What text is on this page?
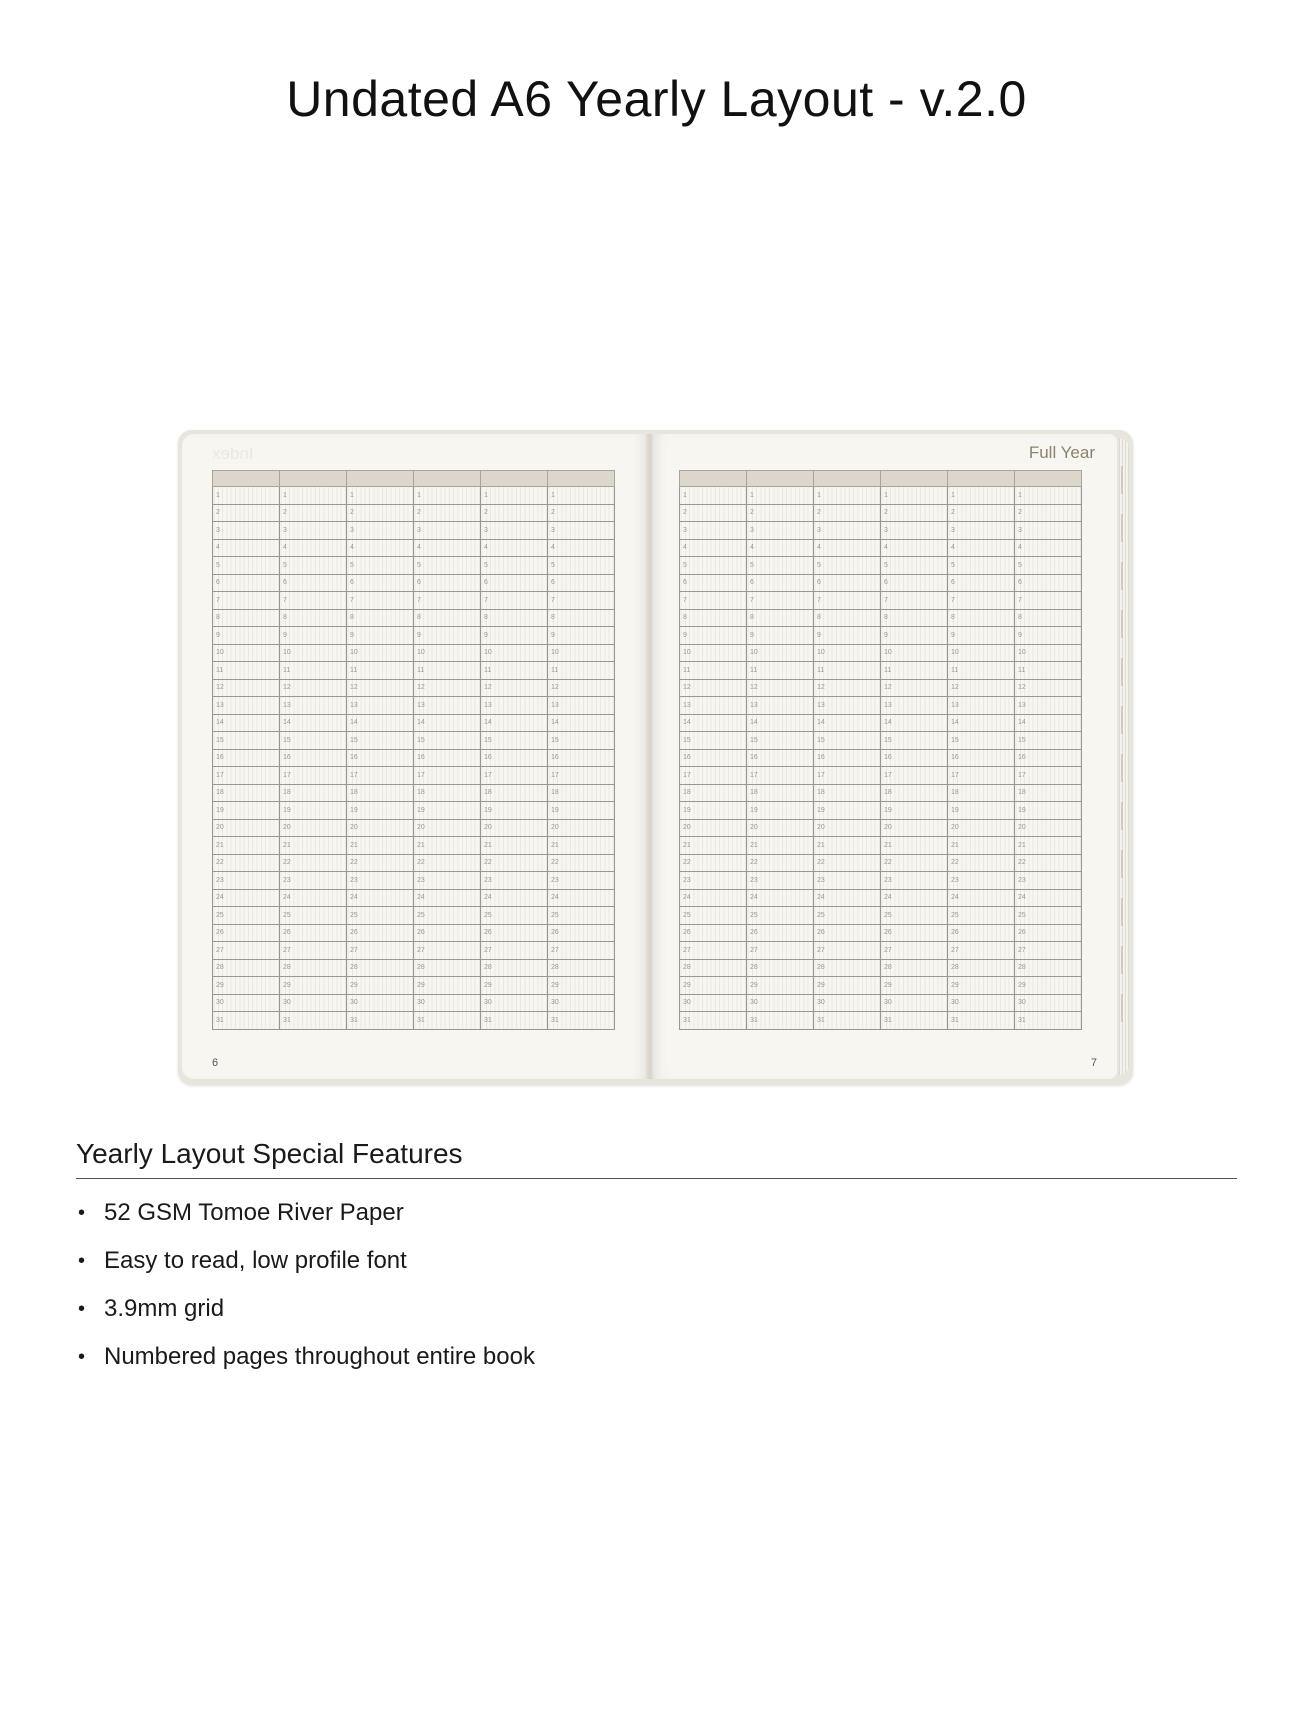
Undated A6 Yearly Layout - v.2.0
Index

1	1	1	1	1	1
2	2	2	2	2	2
3	3	3	3	3	3
4	4	4	4	4	4
5	5	5	5	5	5
6	6	6	6	6	6
7	7	7	7	7	7
8	8	8	8	8	8
9	9	9	9	9	9
10	10	10	10	10	10
11	11	11	11	11	11
12	12	12	12	12	12
13	13	13	13	13	13
14	14	14	14	14	14
15	15	15	15	15	15
16	16	16	16	16	16
17	17	17	17	17	17
18	18	18	18	18	18
19	19	19	19	19	19
20	20	20	20	20	20
21	21	21	21	21	21
22	22	22	22	22	22
23	23	23	23	23	23
24	24	24	24	24	24
25	25	25	25	25	25
26	26	26	26	26	26
27	27	27	27	27	27
28	28	28	28	28	28
29	29	29	29	29	29
30	30	30	30	30	30
31	31	31	31	31	31
6
Full Year

1	1	1	1	1	1
2	2	2	2	2	2
3	3	3	3	3	3
4	4	4	4	4	4
5	5	5	5	5	5
6	6	6	6	6	6
7	7	7	7	7	7
8	8	8	8	8	8
9	9	9	9	9	9
10	10	10	10	10	10
11	11	11	11	11	11
12	12	12	12	12	12
13	13	13	13	13	13
14	14	14	14	14	14
15	15	15	15	15	15
16	16	16	16	16	16
17	17	17	17	17	17
18	18	18	18	18	18
19	19	19	19	19	19
20	20	20	20	20	20
21	21	21	21	21	21
22	22	22	22	22	22
23	23	23	23	23	23
24	24	24	24	24	24
25	25	25	25	25	25
26	26	26	26	26	26
27	27	27	27	27	27
28	28	28	28	28	28
29	29	29	29	29	29
30	30	30	30	30	30
31	31	31	31	31	31
7
Yearly Layout Special Features
• 52 GSM Tomoe River Paper
• Easy to read, low profile font
• 3.9mm grid
• Numbered pages throughout entire book
